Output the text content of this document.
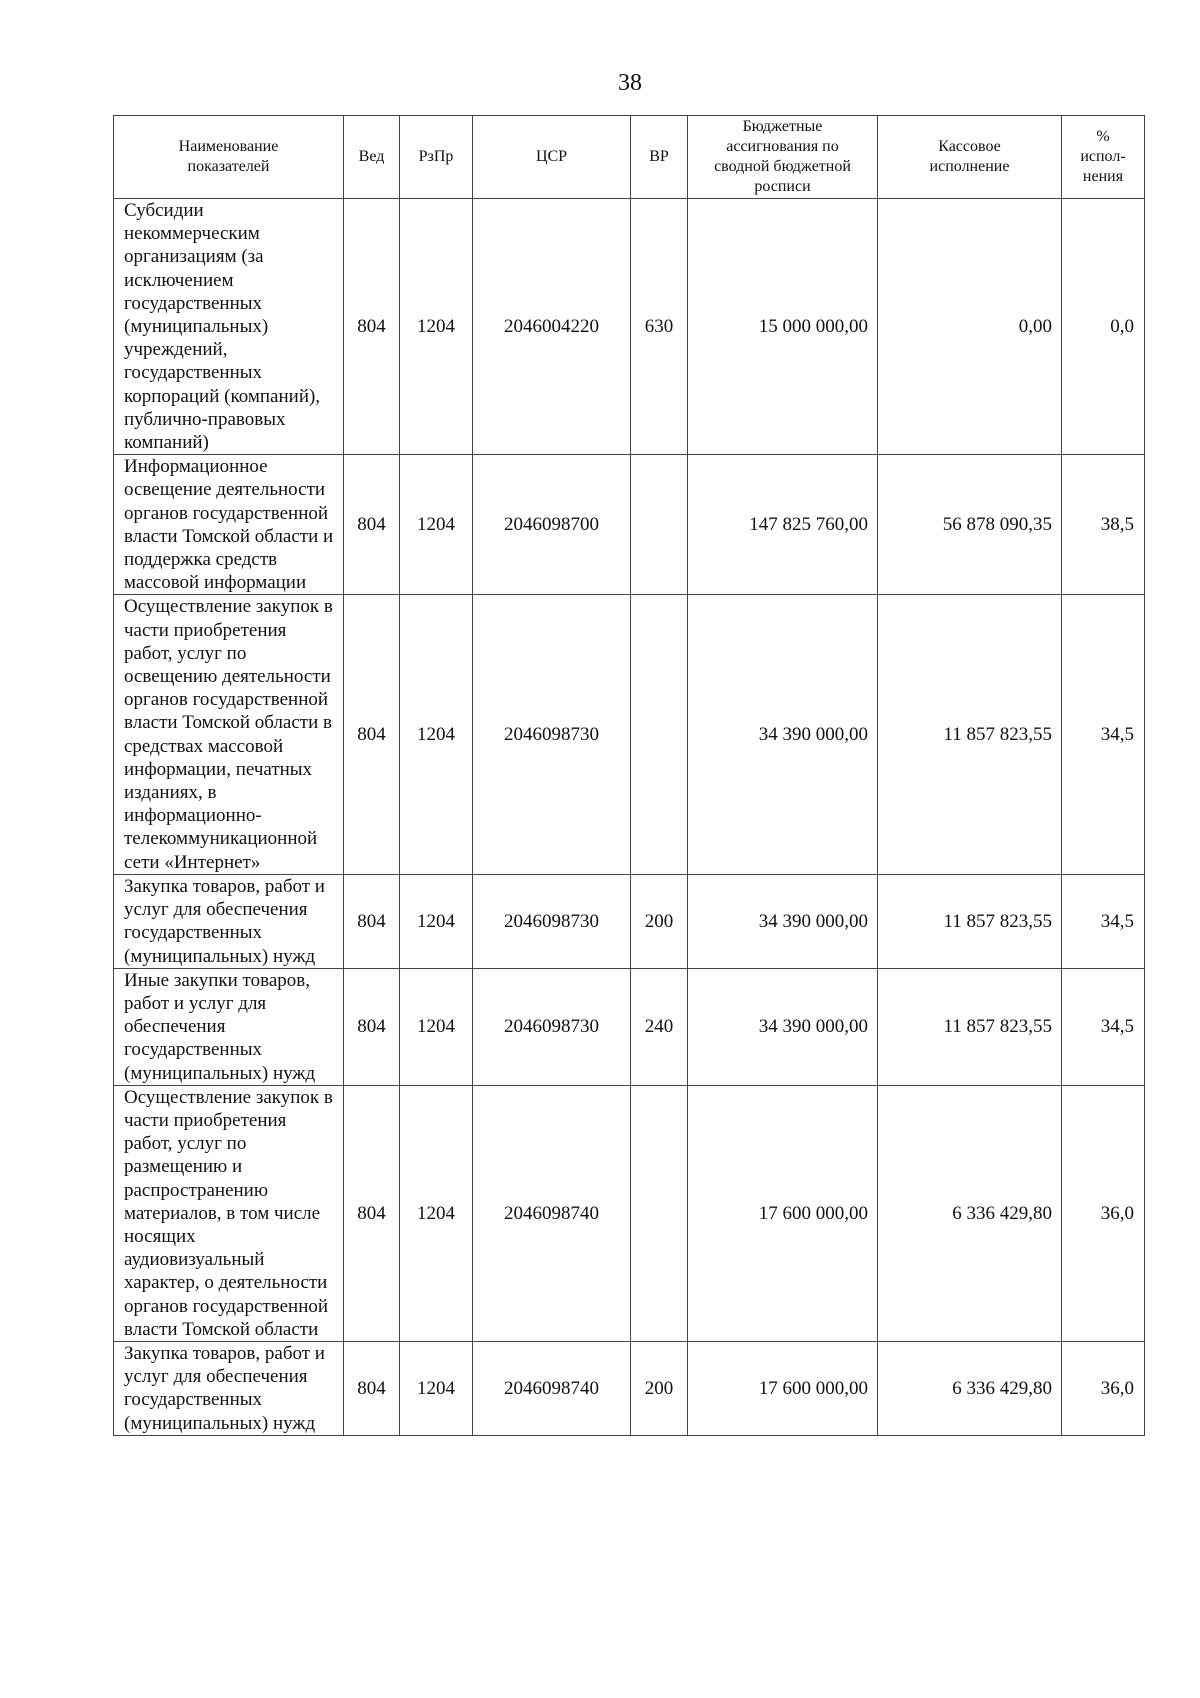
38
Наименование показателей	Вед	РзПр	ЦСР	ВР	Бюджетные ассигнования по сводной бюджетной росписи	Кассовое исполнение	% испол-нения
Субсидии некоммерческим организациям (за исключением государственных (муниципальных) учреждений, государственных корпораций (компаний), публично-правовых компаний)	804	1204	2046004220	630	15 000 000,00	0,00	0,0
Информационное освещение деятельности органов государственной власти Томской области и поддержка средств массовой информации	804	1204	2046098700		147 825 760,00	56 878 090,35	38,5
Осуществление закупок в части приобретения работ, услуг по освещению деятельности органов государственной власти Томской области в средствах массовой информации, печатных изданиях, в информационно-телекоммуникационной сети «Интернет»	804	1204	2046098730		34 390 000,00	11 857 823,55	34,5
Закупка товаров, работ и услуг для обеспечения государственных (муниципальных) нужд	804	1204	2046098730	200	34 390 000,00	11 857 823,55	34,5
Иные закупки товаров, работ и услуг для обеспечения государственных (муниципальных) нужд	804	1204	2046098730	240	34 390 000,00	11 857 823,55	34,5
Осуществление закупок в части приобретения работ, услуг по размещению и распространению материалов, в том числе носящих аудиовизуальный характер, о деятельности органов государственной власти Томской области	804	1204	2046098740		17 600 000,00	6 336 429,80	36,0
Закупка товаров, работ и услуг для обеспечения государственных (муниципальных) нужд	804	1204	2046098740	200	17 600 000,00	6 336 429,80	36,0
